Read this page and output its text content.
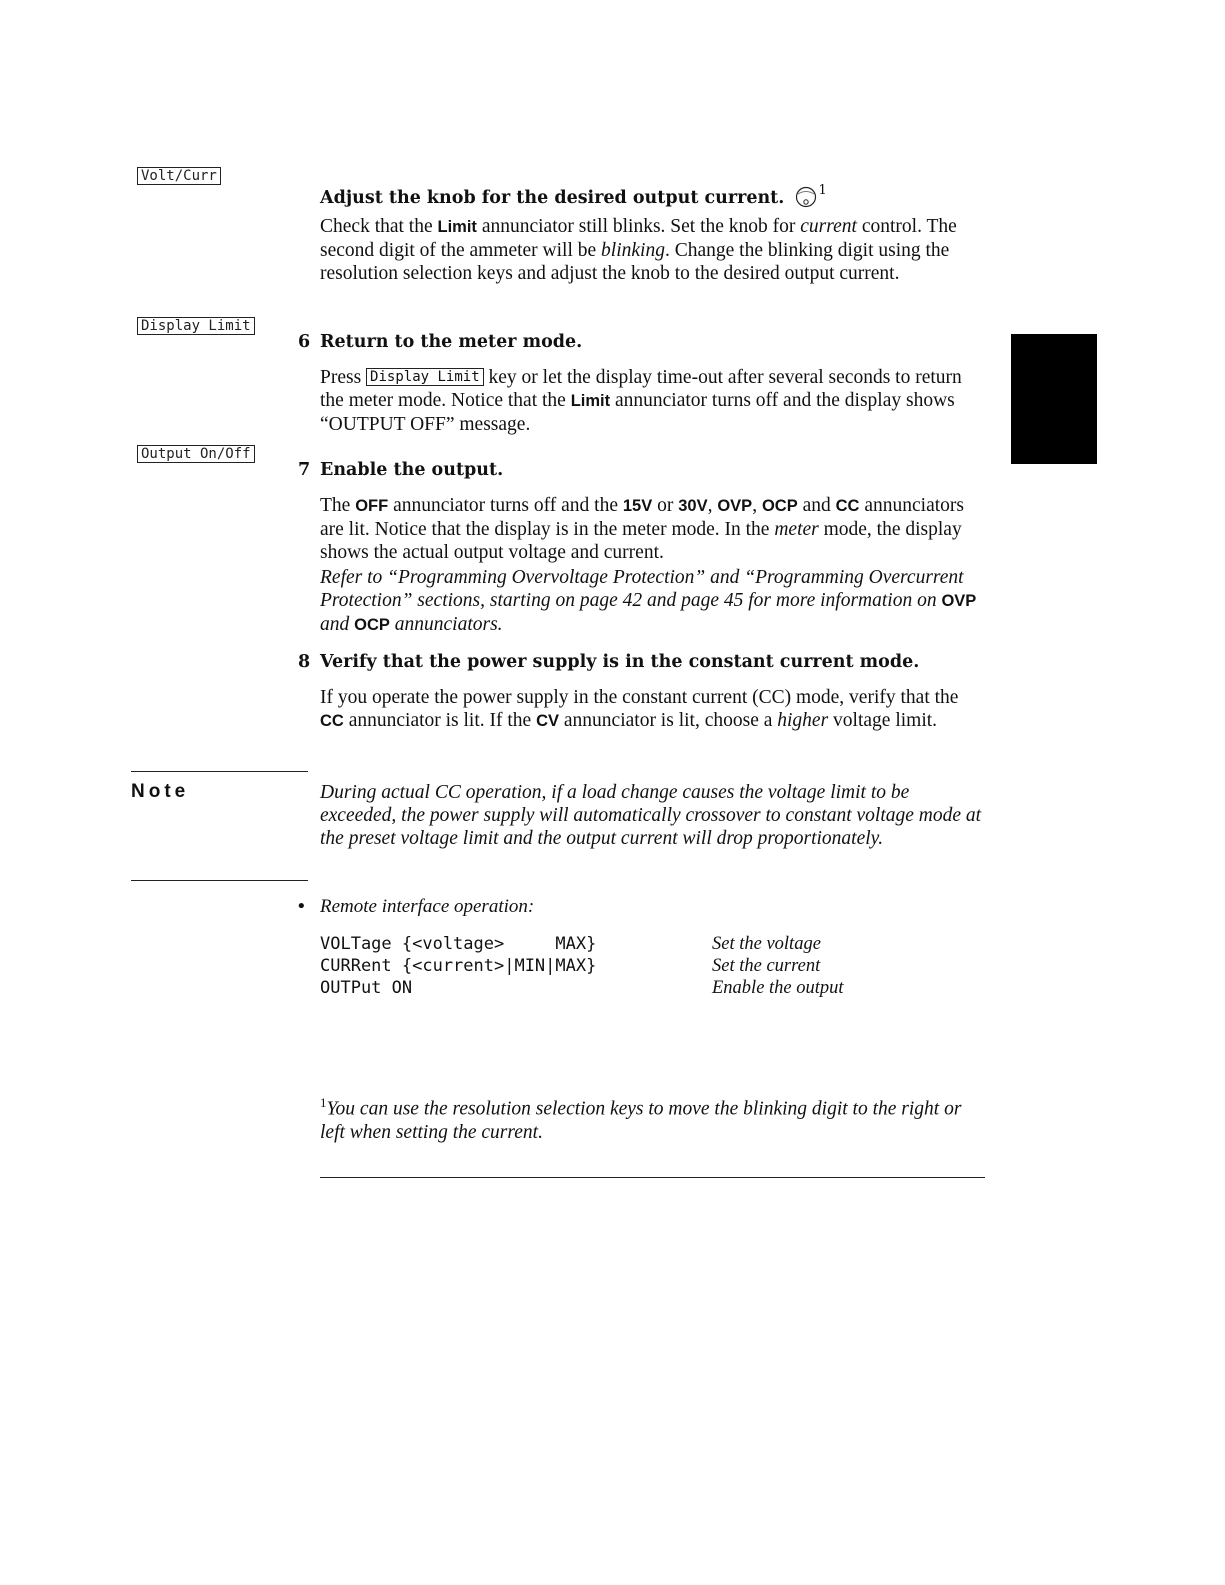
Volt/Curr
Display Limit
Output On/Off
Adjust the knob for the desired output current.	$^1$
Check that the Limit annunciator still blinks. Set the knob for current control. The second digit of the ammeter will be blinking. Change the blinking digit using the resolution selection keys and adjust the knob to the desired output current.
6 Return to the meter mode.
Press Display Limit key or let the display time-out after several seconds to return the meter mode. Notice that the Limit annunciator turns off and the display shows “OUTPUT OFF” message.
7 Enable the output.
The OFF annunciator turns off and the 15V or 30V, OVP, OCP and CC annunciators are lit. Notice that the display is in the meter mode. In the meter mode, the display shows the actual output voltage and current.
Refer to “Programming Overvoltage Protection” and “Programming Overcurrent Protection” sections, starting on page 42 and page 45 for more information on OVP and OCP annunciators.
8 Verify that the power supply is in the constant current mode.
If you operate the power supply in the constant current (CC) mode, verify that the CC annunciator is lit. If the CV annunciator is lit, choose a higher voltage limit.
Note	During actual CC operation, if a load change causes the voltage limit to be exceeded, the power supply will automatically crossover to constant voltage mode at the preset voltage limit and the output current will drop proportionately.
• Remote interface operation:
VOLTage {<voltage>     MAX}	Set the voltage
CURRent {<current>|MIN|MAX}	Set the current
OUTPut ON	Enable the output
$^1$You can use the resolution selection keys to move the blinking digit to the right or left when setting the current.
